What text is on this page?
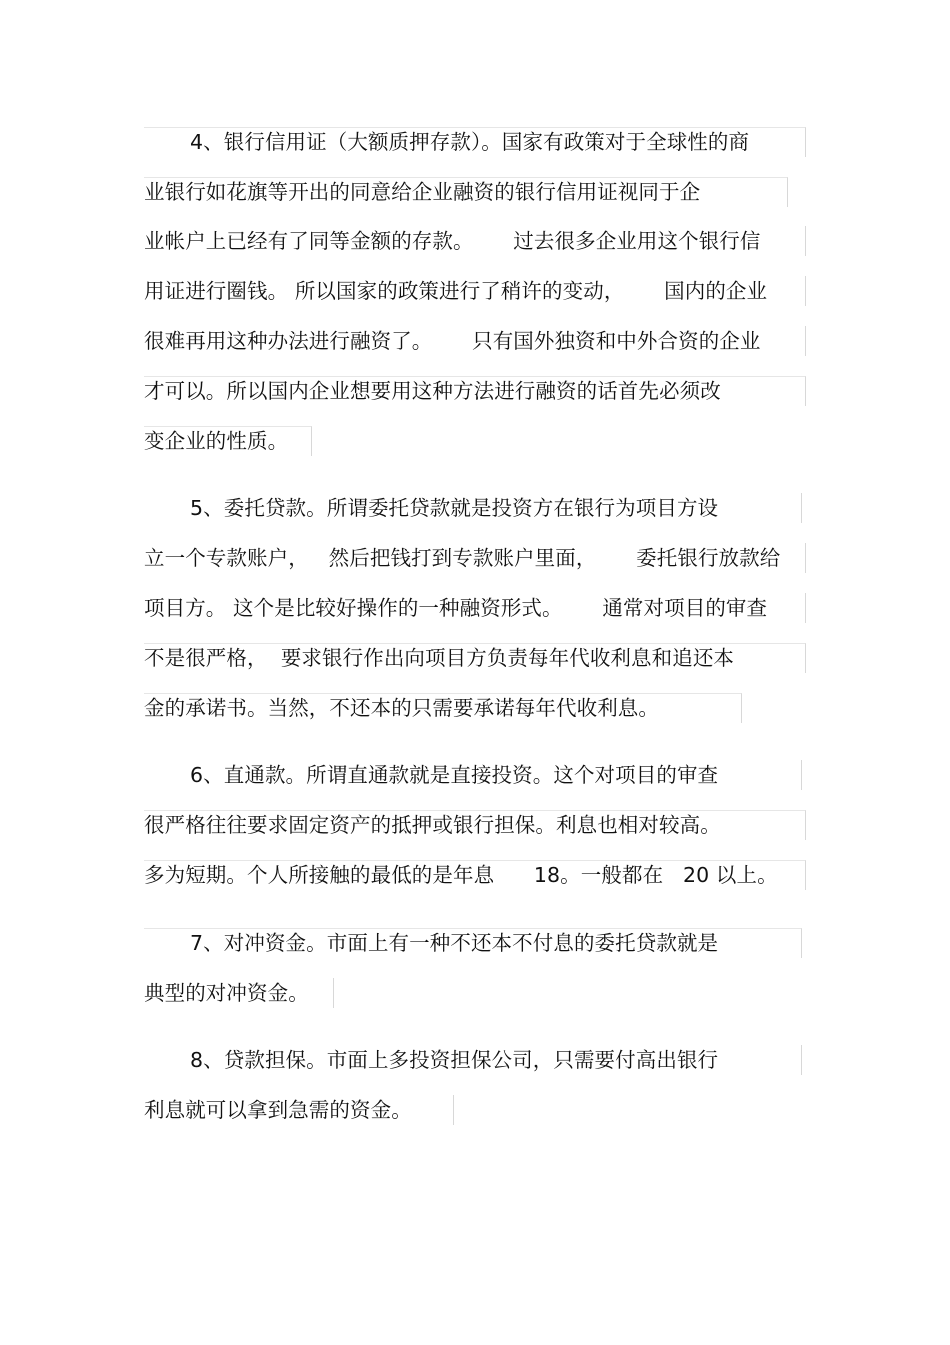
4、银行信用证（大额质押存款）。国家有政策对于全球性的商
业银行如花旗等开出的同意给企业融资的银行信用证视同于企
业帐户上已经有了同等金额的存款。      过去很多企业用这个银行信
用证进行圈钱。 所以国家的政策进行了稍许的变动，      国内的企业
很难再用这种办法进行融资了。      只有国外独资和中外合资的企业
才可以。所以国内企业想要用这种方法进行融资的话首先必须改
变企业的性质。
5、委托贷款。所谓委托贷款就是投资方在银行为项目方设
立一个专款账户，   然后把钱打到专款账户里面，      委托银行放款给
项目方。 这个是比较好操作的一种融资形式。      通常对项目的审查
不是很严格，  要求银行作出向项目方负责每年代收利息和追还本
金的承诺书。当然，不还本的只需要承诺每年代收利息。
6、直通款。所谓直通款就是直接投资。这个对项目的审查
很严格往往要求固定资产的抵押或银行担保。利息也相对较高。
多为短期。个人所接触的最低的是年息      18。一般都在   20 以上。
7、对冲资金。市面上有一种不还本不付息的委托贷款就是
典型的对冲资金。
8、贷款担保。市面上多投资担保公司，只需要付高出银行
利息就可以拿到急需的资金。
